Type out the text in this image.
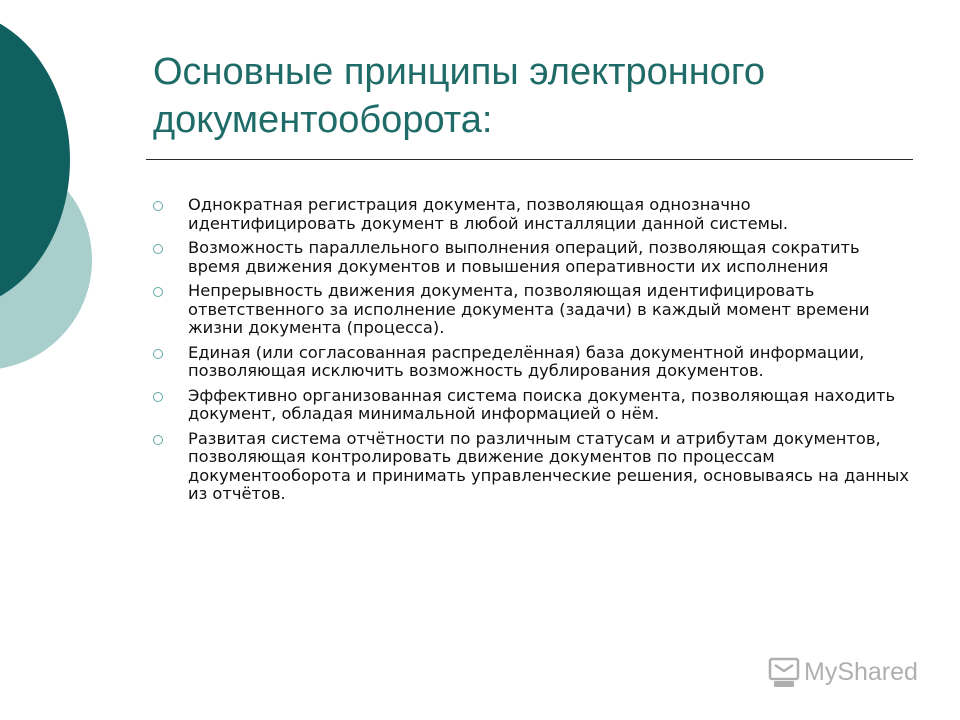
Основные принципы электронного документооборота:
Однократная регистрация документа, позволяющая однозначно идентифицировать документ в любой инсталляции данной системы.
Возможность параллельного выполнения операций, позволяющая сократить время движения документов и повышения оперативности их исполнения
Непрерывность движения документа, позволяющая идентифицировать ответственного за исполнение документа (задачи) в каждый момент времени жизни документа (процесса).
Единая (или согласованная распределённая) база документной информации, позволяющая исключить возможность дублирования документов.
Эффективно организованная система поиска документа, позволяющая находить документ, обладая минимальной информацией о нём.
Развитая система отчётности по различным статусам и атрибутам документов, позволяющая контролировать движение документов по процессам документооборота и принимать управленческие решения, основываясь на данных из отчётов.
MyShared
